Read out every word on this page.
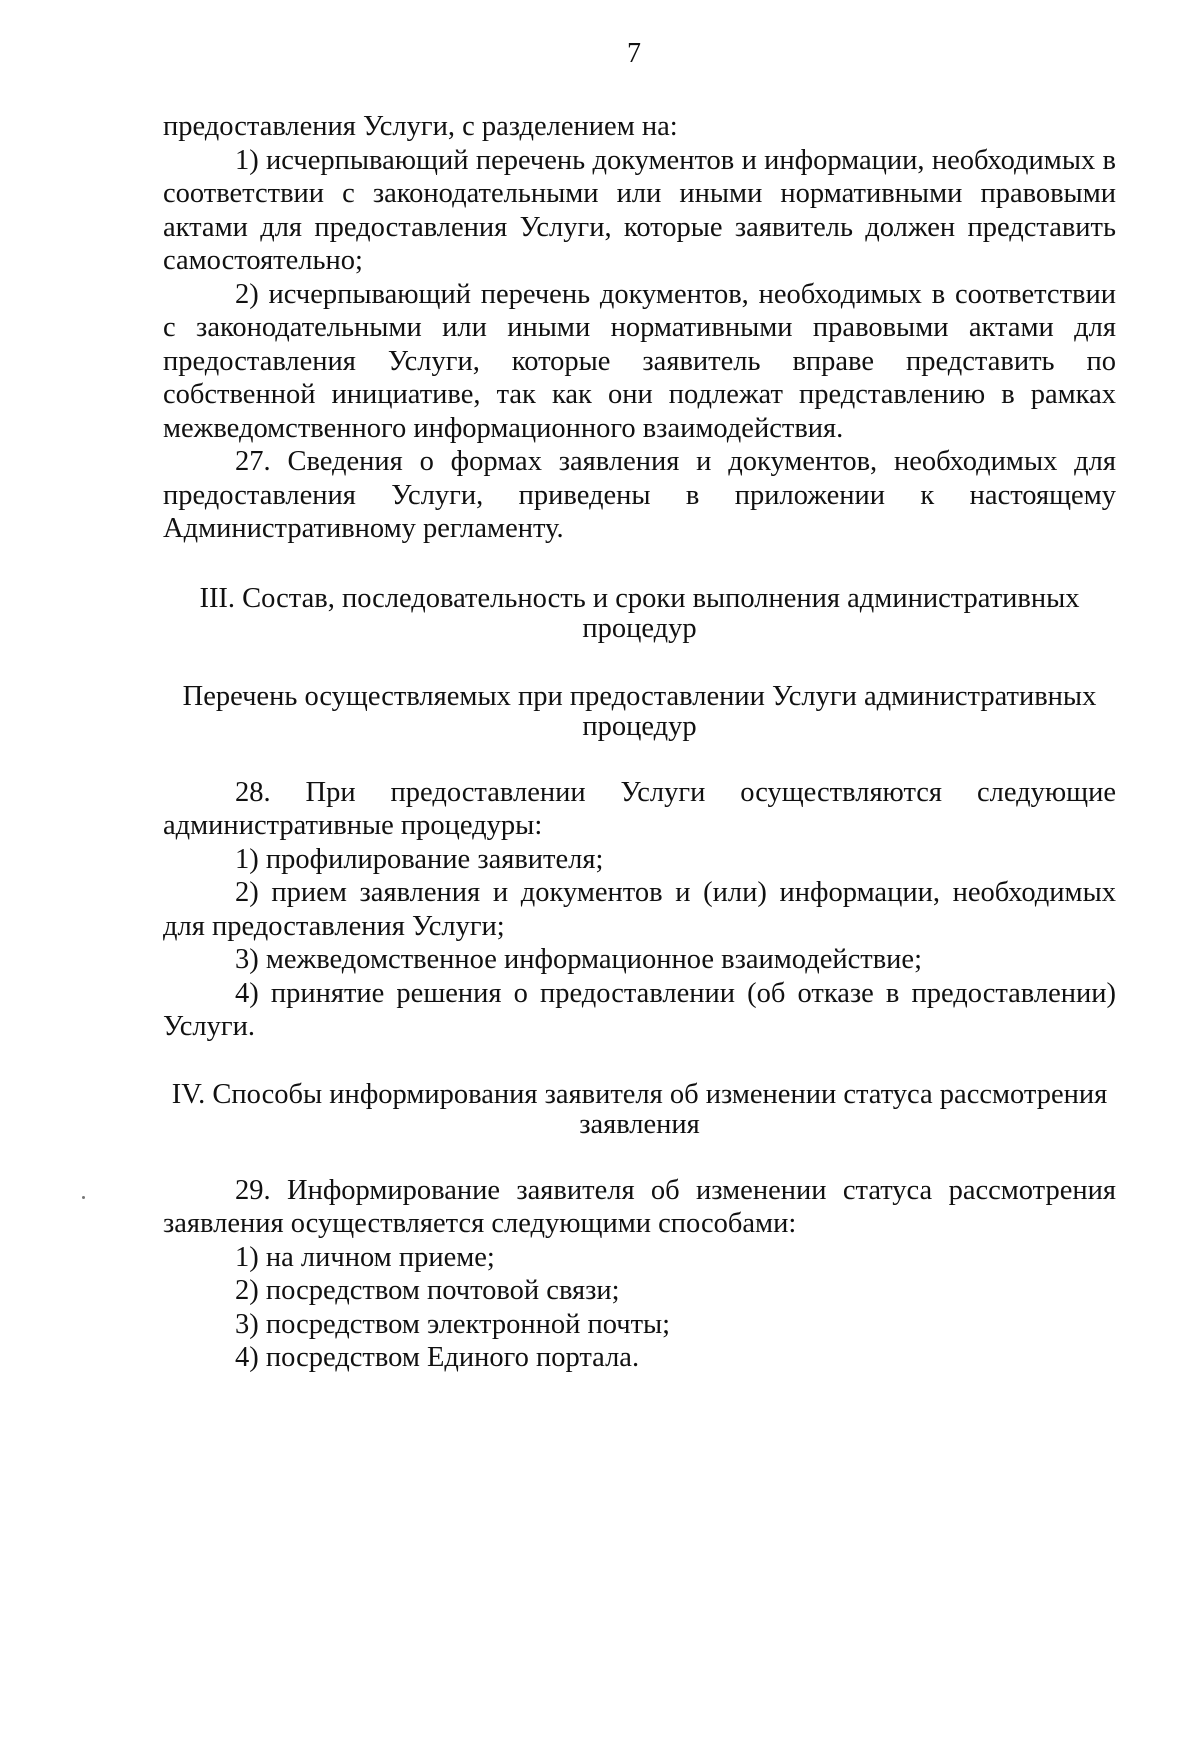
7

предоставления Услуги, с разделением на:

1) исчерпывающий перечень документов и информации, необходимых в соответствии с законодательными или иными нормативными правовыми актами для предоставления Услуги, которые заявитель должен представить самостоятельно;

2) исчерпывающий перечень документов, необходимых в соответствии с законодательными или иными нормативными правовыми актами для предоставления Услуги, которые заявитель вправе представить по собственной инициативе, так как они подлежат представлению в рамках межведомственного информационного взаимодействия.

27. Сведения о формах заявления и документов, необходимых для предоставления Услуги, приведены в приложении к настоящему Административному регламенту.

III. Состав, последовательность и сроки выполнения административных процедур

Перечень осуществляемых при предоставлении Услуги административных процедур

28. При предоставлении Услуги осуществляются следующие административные процедуры:

1) профилирование заявителя;

2) прием заявления и документов и (или) информации, необходимых для предоставления Услуги;

3) межведомственное информационное взаимодействие;

4) принятие решения о предоставлении (об отказе в предоставлении) Услуги.

IV. Способы информирования заявителя об изменении статуса рассмотрения заявления

29. Информирование заявителя об изменении статуса рассмотрения заявления осуществляется следующими способами:

1) на личном приеме;

2) посредством почтовой связи;

3) посредством электронной почты;

4) посредством Единого портала.
